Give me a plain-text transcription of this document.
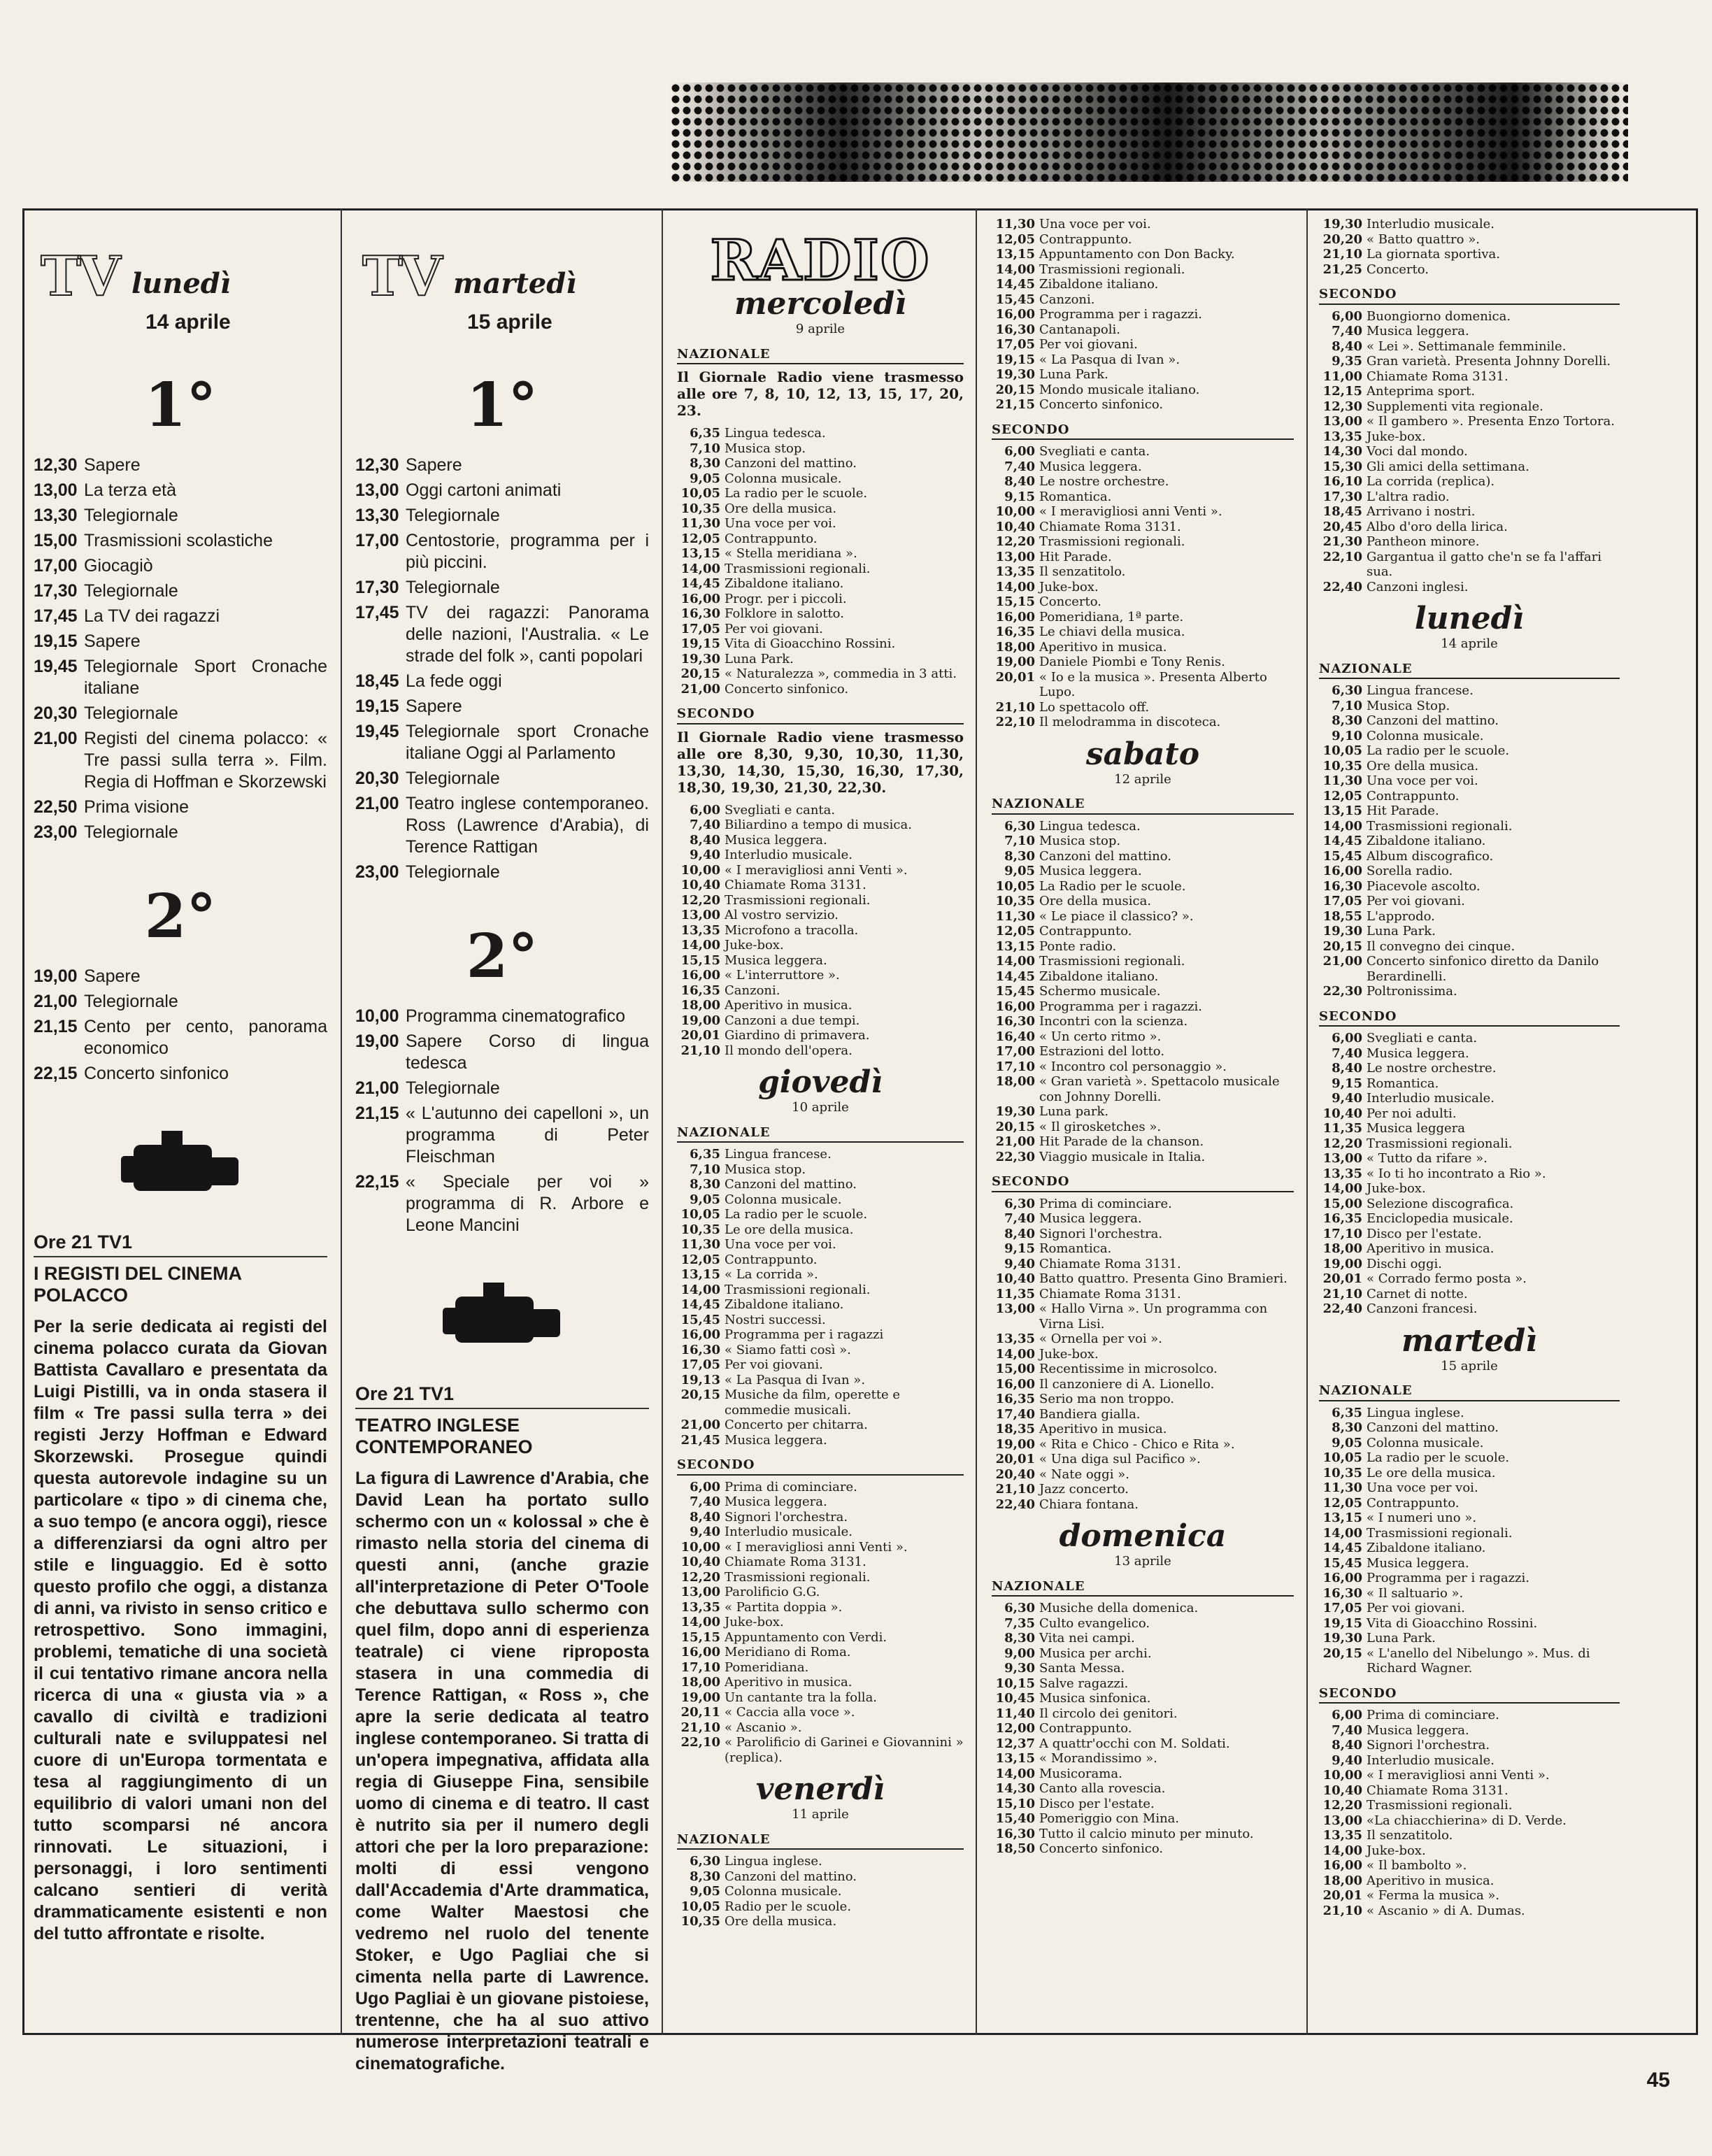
TV lunedì
14 aprile
1°
12,30 Sapere
13,00 La terza età
13,30 Telegiornale
15,00 Trasmissioni scolastiche
17,00 Giocagiò
17,30 Telegiornale
17,45 La TV dei ragazzi
19,15 Sapere
19,45 Telegiornale Sport Cronache italiane
20,30 Telegiornale
21,00 Registi del cinema polacco: « Tre passi sulla terra ». Film. Regia di Hoffman e Skorzewski
22,50 Prima visione
23,00 Telegiornale
2°
19,00 Sapere
21,00 Telegiornale
21,15 Cento per cento, panorama economico
22,15 Concerto sinfonico
Ore 21 TV1
I REGISTI DEL CINEMA POLACCO
Per la serie dedicata ai registi del cinema polacco curata da Giovan Battista Cavallaro e presentata da Luigi Pistilli, va in onda stasera il film « Tre passi sulla terra » dei registi Jerzy Hoffman e Edward Skorzewski. Prosegue quindi questa autorevole indagine su un particolare « tipo » di cinema che, a suo tempo (e ancora oggi), riesce a differenziarsi da ogni altro per stile e linguaggio. Ed è sotto questo profilo che oggi, a distanza di anni, va rivisto in senso critico e retrospettivo. Sono immagini, problemi, tematiche di una società il cui tentativo rimane ancora nella ricerca di una « giusta via » a cavallo di civiltà e tradizioni culturali nate e sviluppatesi nel cuore di un'Europa tormentata e tesa al raggiungimento di un equilibrio di valori umani non del tutto scomparsi né ancora rinnovati. Le situazioni, i personaggi, i loro sentimenti calcano sentieri di verità drammaticamente esistenti e non del tutto affrontate e risolte.
TV martedì
15 aprile
1°
12,30 Sapere
13,00 Oggi cartoni animati
13,30 Telegiornale
17,00 Centostorie, programma per i più piccini.
17,30 Telegiornale
17,45 TV dei ragazzi: Panorama delle nazioni, l'Australia. « Le strade del folk », canti popolari
18,45 La fede oggi
19,15 Sapere
19,45 Telegiornale sport Cronache italiane Oggi al Parlamento
20,30 Telegiornale
21,00 Teatro inglese contemporaneo. Ross (Lawrence d'Arabia), di Terence Rattigan
23,00 Telegiornale
2°
10,00 Programma cinematografico
19,00 Sapere Corso di lingua tedesca
21,00 Telegiornale
21,15 « L'autunno dei capelloni », un programma di Peter Fleischman
22,15 « Speciale per voi » programma di R. Arbore e Leone Mancini
Ore 21 TV1
TEATRO INGLESE CONTEMPORANEO
La figura di Lawrence d'Arabia, che David Lean ha portato sullo schermo con un « kolossal » che è rimasto nella storia del cinema di questi anni, (anche grazie all'interpretazione di Peter O'Toole che debuttava sullo schermo con quel film, dopo anni di esperienza teatrale) ci viene riproposta stasera in una commedia di Terence Rattigan, « Ross », che apre la serie dedicata al teatro inglese contemporaneo. Si tratta di un'opera impegnativa, affidata alla regia di Giuseppe Fina, sensibile uomo di cinema e di teatro. Il cast è nutrito sia per il numero degli attori che per la loro preparazione: molti di essi vengono dall'Accademia d'Arte drammatica, come Walter Maestosi che vedremo nel ruolo del tenente Stoker, e Ugo Pagliai che si cimenta nella parte di Lawrence. Ugo Pagliai è un giovane pistoiese, trentenne, che ha al suo attivo numerose interpretazioni teatrali e cinematografiche.
RADIO
mercoledì
9 aprile
NAZIONALE
Il Giornale Radio viene trasmesso alle ore 7, 8, 10, 12, 13, 15, 17, 20, 23.
6,35 Lingua tedesca.
7,10 Musica stop.
8,30 Canzoni del mattino.
9,05 Colonna musicale.
10,05 La radio per le scuole.
10,35 Ore della musica.
11,30 Una voce per voi.
12,05 Contrappunto.
13,15 « Stella meridiana ».
14,00 Trasmissioni regionali.
14,45 Zibaldone italiano.
16,00 Progr. per i piccoli.
16,30 Folklore in salotto.
17,05 Per voi giovani.
19,15 Vita di Gioacchino Rossini.
19,30 Luna Park.
20,15 « Naturalezza », commedia in 3 atti.
21,00 Concerto sinfonico.
SECONDO
Il Giornale Radio viene trasmesso alle ore 8,30, 9,30, 10,30, 11,30, 13,30, 14,30, 15,30, 16,30, 17,30, 18,30, 19,30, 21,30, 22,30.
6,00 Svegliati e canta.
7,40 Biliardino a tempo di musica.
8,40 Musica leggera.
9,40 Interludio musicale.
10,00 « I meravigliosi anni Venti ».
10,40 Chiamate Roma 3131.
12,20 Trasmissioni regionali.
13,00 Al vostro servizio.
13,35 Microfono a tracolla.
14,00 Juke-box.
15,15 Musica leggera.
16,00 « L'interruttore ».
16,35 Canzoni.
18,00 Aperitivo in musica.
19,00 Canzoni a due tempi.
20,01 Giardino di primavera.
21,10 Il mondo dell'opera.
giovedì
10 aprile
NAZIONALE
6,35 Lingua francese.
7,10 Musica stop.
8,30 Canzoni del mattino.
9,05 Colonna musicale.
10,05 La radio per le scuole.
10,35 Le ore della musica.
11,30 Una voce per voi.
12,05 Contrappunto.
13,15 « La corrida ».
14,00 Trasmissioni regionali.
14,45 Zibaldone italiano.
15,45 Nostri successi.
16,00 Programma per i ragazzi
16,30 « Siamo fatti così ».
17,05 Per voi giovani.
19,13 « La Pasqua di Ivan ».
20,15 Musiche da film, operette e commedie musicali.
21,00 Concerto per chitarra.
21,45 Musica leggera.
SECONDO
6,00 Prima di cominciare.
7,40 Musica leggera.
8,40 Signori l'orchestra.
9,40 Interludio musicale.
10,00 « I meravigliosi anni Venti ».
10,40 Chiamate Roma 3131.
12,20 Trasmissioni regionali.
13,00 Parolificio G.G.
13,35 « Partita doppia ».
14,00 Juke-box.
15,15 Appuntamento con Verdi.
16,00 Meridiano di Roma.
17,10 Pomeridiana.
18,00 Aperitivo in musica.
19,00 Un cantante tra la folla.
20,11 « Caccia alla voce ».
21,10 « Ascanio ».
22,10 « Parolificio di Garinei e Giovannini » (replica).
venerdì
11 aprile
NAZIONALE
6,30 Lingua inglese.
8,30 Canzoni del mattino.
9,05 Colonna musicale.
10,05 Radio per le scuole.
10,35 Ore della musica.
11,30 Una voce per voi.
12,05 Contrappunto.
13,15 Appuntamento con Don Backy.
14,00 Trasmissioni regionali.
14,45 Zibaldone italiano.
15,45 Canzoni.
16,00 Programma per i ragazzi.
16,30 Cantanapoli.
17,05 Per voi giovani.
19,15 « La Pasqua di Ivan ».
19,30 Luna Park.
20,15 Mondo musicale italiano.
21,15 Concerto sinfonico.
SECONDO
6,00 Svegliati e canta.
7,40 Musica leggera.
8,40 Le nostre orchestre.
9,15 Romantica.
10,00 « I meravigliosi anni Venti ».
10,40 Chiamate Roma 3131.
12,20 Trasmissioni regionali.
13,00 Hit Parade.
13,35 Il senzatitolo.
14,00 Juke-box.
15,15 Concerto.
16,00 Pomeridiana, 1ª parte.
16,35 Le chiavi della musica.
18,00 Aperitivo in musica.
19,00 Daniele Piombi e Tony Renis.
20,01 « Io e la musica ». Presenta Alberto Lupo.
21,10 Lo spettacolo off.
22,10 Il melodramma in discoteca.
sabato
12 aprile
NAZIONALE
6,30 Lingua tedesca.
7,10 Musica stop.
8,30 Canzoni del mattino.
9,05 Musica leggera.
10,05 La Radio per le scuole.
10,35 Ore della musica.
11,30 « Le piace il classico? ».
12,05 Contrappunto.
13,15 Ponte radio.
14,00 Trasmissioni regionali.
14,45 Zibaldone italiano.
15,45 Schermo musicale.
16,00 Programma per i ragazzi.
16,30 Incontri con la scienza.
16,40 « Un certo ritmo ».
17,00 Estrazioni del lotto.
17,10 « Incontro col personaggio ».
18,00 « Gran varietà ». Spettacolo musicale con Johnny Dorelli.
19,30 Luna park.
20,15 « Il girosketches ».
21,00 Hit Parade de la chanson.
22,30 Viaggio musicale in Italia.
SECONDO
6,30 Prima di cominciare.
7,40 Musica leggera.
8,40 Signori l'orchestra.
9,15 Romantica.
9,40 Chiamate Roma 3131.
10,40 Batto quattro. Presenta Gino Bramieri.
11,35 Chiamate Roma 3131.
13,00 « Hallo Virna ». Un programma con Virna Lisi.
13,35 « Ornella per voi ».
14,00 Juke-box.
15,00 Recentissime in microsolco.
16,00 Il canzoniere di A. Lionello.
16,35 Serio ma non troppo.
17,40 Bandiera gialla.
18,35 Aperitivo in musica.
19,00 « Rita e Chico - Chico e Rita ».
20,01 « Una diga sul Pacifico ».
20,40 « Nate oggi ».
21,10 Jazz concerto.
22,40 Chiara fontana.
domenica
13 aprile
NAZIONALE
6,30 Musiche della domenica.
7,35 Culto evangelico.
8,30 Vita nei campi.
9,00 Musica per archi.
9,30 Santa Messa.
10,15 Salve ragazzi.
10,45 Musica sinfonica.
11,40 Il circolo dei genitori.
12,00 Contrappunto.
12,37 A quattr'occhi con M. Soldati.
13,15 « Morandissimo ».
14,00 Musicorama.
14,30 Canto alla rovescia.
15,10 Disco per l'estate.
15,40 Pomeriggio con Mina.
16,30 Tutto il calcio minuto per minuto.
18,50 Concerto sinfonico.
19,30 Interludio musicale.
20,20 « Batto quattro ».
21,10 La giornata sportiva.
21,25 Concerto.
SECONDO
6,00 Buongiorno domenica.
7,40 Musica leggera.
8,40 « Lei ». Settimanale femminile.
9,35 Gran varietà. Presenta Johnny Dorelli.
11,00 Chiamate Roma 3131.
12,15 Anteprima sport.
12,30 Supplementi vita regionale.
13,00 « Il gambero ». Presenta Enzo Tortora.
13,35 Juke-box.
14,30 Voci dal mondo.
15,30 Gli amici della settimana.
16,10 La corrida (replica).
17,30 L'altra radio.
18,45 Arrivano i nostri.
20,45 Albo d'oro della lirica.
21,30 Pantheon minore.
22,10 Gargantua il gatto che'n se fa l'affari sua.
22,40 Canzoni inglesi.
lunedì
14 aprile
NAZIONALE
6,30 Lingua francese.
7,10 Musica Stop.
8,30 Canzoni del mattino.
9,10 Colonna musicale.
10,05 La radio per le scuole.
10,35 Ore della musica.
11,30 Una voce per voi.
12,05 Contrappunto.
13,15 Hit Parade.
14,00 Trasmissioni regionali.
14,45 Zibaldone italiano.
15,45 Album discografico.
16,00 Sorella radio.
16,30 Piacevole ascolto.
17,05 Per voi giovani.
18,55 L'approdo.
19,30 Luna Park.
20,15 Il convegno dei cinque.
21,00 Concerto sinfonico diretto da Danilo Berardinelli.
22,30 Poltronissima.
SECONDO
6,00 Svegliati e canta.
7,40 Musica leggera.
8,40 Le nostre orchestre.
9,15 Romantica.
9,40 Interludio musicale.
10,40 Per noi adulti.
11,35 Musica leggera
12,20 Trasmissioni regionali.
13,00 « Tutto da rifare ».
13,35 « Io ti ho incontrato a Rio ».
14,00 Juke-box.
15,00 Selezione discografica.
16,35 Enciclopedia musicale.
17,10 Disco per l'estate.
18,00 Aperitivo in musica.
19,00 Dischi oggi.
20,01 « Corrado fermo posta ».
21,10 Carnet di notte.
22,40 Canzoni francesi.
martedì
15 aprile
NAZIONALE
6,35 Lingua inglese.
8,30 Canzoni del mattino.
9,05 Colonna musicale.
10,05 La radio per le scuole.
10,35 Le ore della musica.
11,30 Una voce per voi.
12,05 Contrappunto.
13,15 « I numeri uno ».
14,00 Trasmissioni regionali.
14,45 Zibaldone italiano.
15,45 Musica leggera.
16,00 Programma per i ragazzi.
16,30 « Il saltuario ».
17,05 Per voi giovani.
19,15 Vita di Gioacchino Rossini.
19,30 Luna Park.
20,15 « L'anello del Nibelungo ». Mus. di Richard Wagner.
SECONDO
6,00 Prima di cominciare.
7,40 Musica leggera.
8,40 Signori l'orchestra.
9,40 Interludio musicale.
10,00 « I meravigliosi anni Venti ».
10,40 Chiamate Roma 3131.
12,20 Trasmissioni regionali.
13,00 «La chiacchierina» di D. Verde.
13,35 Il senzatitolo.
14,00 Juke-box.
16,00 « Il bambolto ».
18,00 Aperitivo in musica.
20,01 « Ferma la musica ».
21,10 « Ascanio » di A. Dumas.
45
